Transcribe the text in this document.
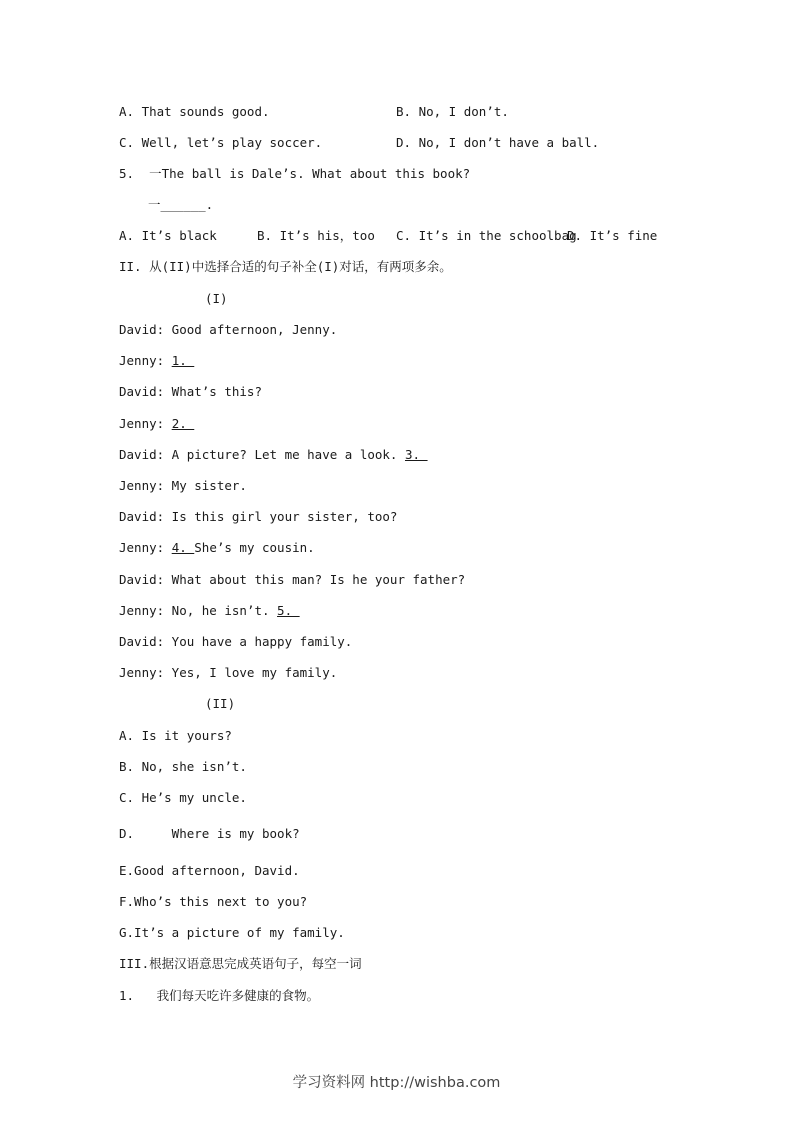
A. That sounds good.	B. No, I don’t.
C. Well, let’s play soccer.	D. No, I don’t have a ball.
5.  一The ball is Dale’s. What about this book?
一______.
A. It’s black	B. It’s his，too C. It’s in the schoolbag
D. It’s fine
II. 从(II)中选择合适的句子补全(I)对话，有两项多余。
(I)
David: Good afternoon, Jenny.
Jenny: 1.
David: What’s this?
Jenny: 2.
David: A picture? Let me have a look. 3.
Jenny: My sister.
David: Is this girl your sister, too?
Jenny: 4. She’s my cousin.
David: What about this man? Is he your father?
Jenny: No, he isn’t. 5.
David: You have a happy family.
Jenny: Yes, I love my family.
(II)
A. Is it yours?
B. No, she isn’t.
C. He’s my uncle.
D.     Where is my book?
E.Good afternoon, David.
F.Who’s this next to you?
G.It’s a picture of my family.
III.根据汉语意思完成英语句子，每空一词
1.   我们每天吃许多健康的食物。
学习资料网 http://wishba.com
